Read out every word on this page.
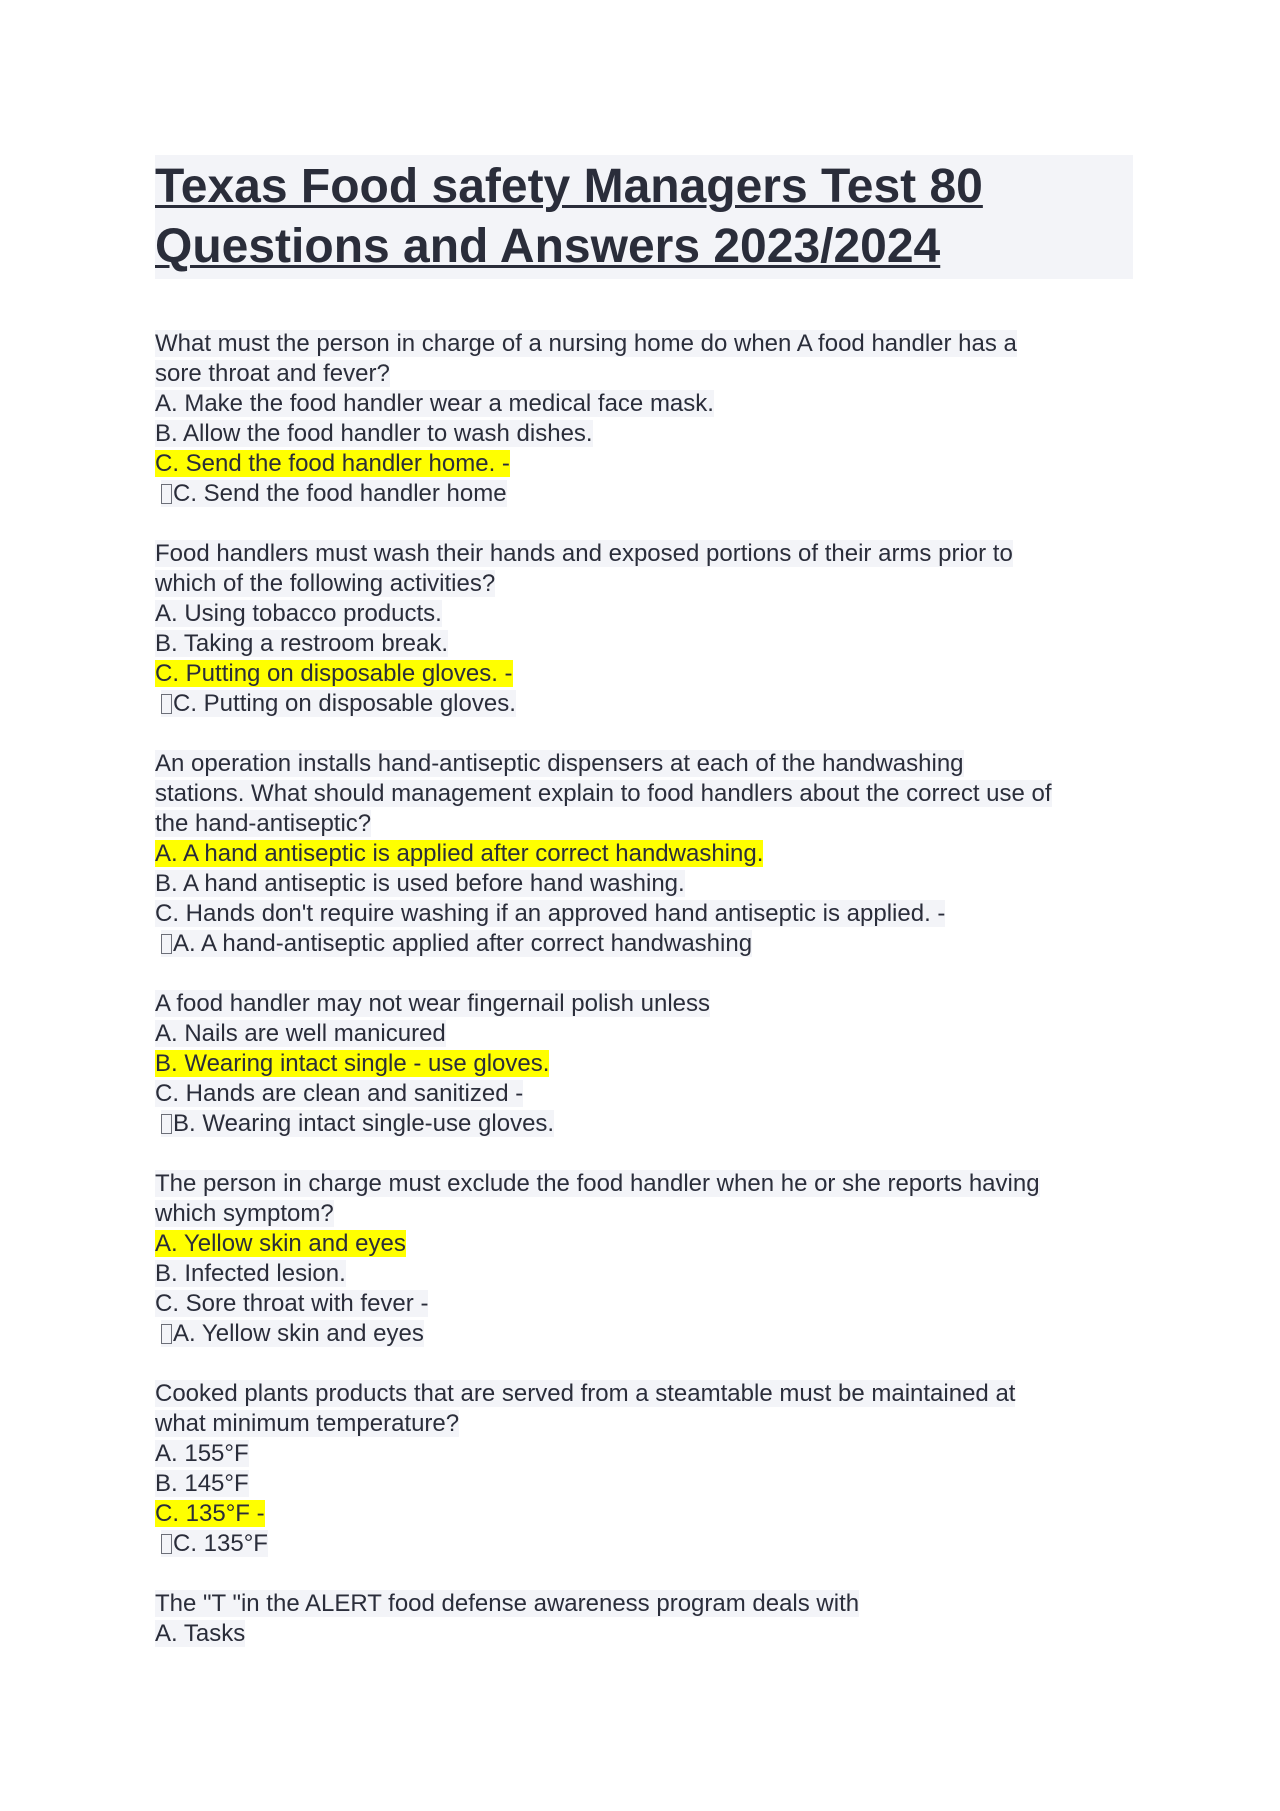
Texas Food safety Managers Test 80
Questions and Answers 2023/2024
What must the person in charge of a nursing home do when A food handler has a
sore throat and fever?
A. Make the food handler wear a medical face mask.
B. Allow the food handler to wash dishes.
C. Send the food handler home. -
C. Send the food handler home
Food handlers must wash their hands and exposed portions of their arms prior to
which of the following activities?
A. Using tobacco products.
B. Taking a restroom break.
C. Putting on disposable gloves. -
C. Putting on disposable gloves.
An operation installs hand-antiseptic dispensers at each of the handwashing
stations. What should management explain to food handlers about the correct use of
the hand-antiseptic?
A. A hand antiseptic is applied after correct handwashing.
B. A hand antiseptic is used before hand washing.
C. Hands don't require washing if an approved hand antiseptic is applied. -
A. A hand-antiseptic applied after correct handwashing
A food handler may not wear fingernail polish unless
A. Nails are well manicured
B. Wearing intact single - use gloves.
C. Hands are clean and sanitized -
B. Wearing intact single-use gloves.
The person in charge must exclude the food handler when he or she reports having
which symptom?
A. Yellow skin and eyes
B. Infected lesion.
C. Sore throat with fever -
A. Yellow skin and eyes
Cooked plants products that are served from a steamtable must be maintained at
what minimum temperature?
A. 155°F
B. 145°F
C. 135°F -
C. 135°F
The "T "in the ALERT food defense awareness program deals with
A. Tasks
